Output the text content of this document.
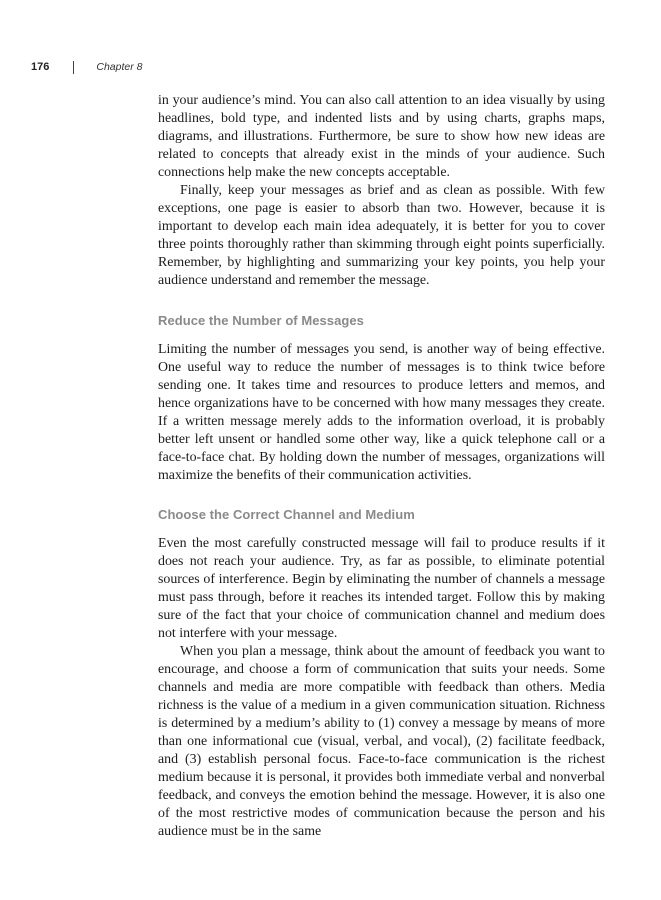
176	Chapter 8

in your audience’s mind. You can also call attention to an idea visually by using headlines, bold type, and indented lists and by using charts, graphs maps, diagrams, and illustrations. Furthermore, be sure to show how new ideas are related to concepts that already exist in the minds of your audience. Such connections help make the new concepts acceptable.

Finally, keep your messages as brief and as clean as possible. With few exceptions, one page is easier to absorb than two. However, because it is important to develop each main idea adequately, it is better for you to cover three points thoroughly rather than skimming through eight points superficially. Remember, by highlighting and summarizing your key points, you help your audience understand and remember the message.

Reduce the Number of Messages

Limiting the number of messages you send, is another way of being effective. One useful way to reduce the number of messages is to think twice before sending one. It takes time and resources to produce letters and memos, and hence organizations have to be concerned with how many messages they create. If a written message merely adds to the information overload, it is probably better left unsent or handled some other way, like a quick telephone call or a face-to-face chat. By holding down the number of messages, organizations will maximize the benefits of their communication activities.

Choose the Correct Channel and Medium

Even the most carefully constructed message will fail to produce results if it does not reach your audience. Try, as far as possible, to eliminate potential sources of interference. Begin by eliminating the number of channels a message must pass through, before it reaches its intended target. Follow this by making sure of the fact that your choice of communication channel and medium does not interfere with your message.

When you plan a message, think about the amount of feedback you want to encourage, and choose a form of communication that suits your needs. Some channels and media are more compatible with feedback than others. Media richness is the value of a medium in a given communication situation. Richness is determined by a medium’s ability to (1) convey a message by means of more than one informational cue (visual, verbal, and vocal), (2) facilitate feedback, and (3) establish personal focus. Face-to-face communication is the richest medium because it is personal, it provides both immediate verbal and nonverbal feedback, and conveys the emotion behind the message. However, it is also one of the most restrictive modes of communication because the person and his audience must be in the same
